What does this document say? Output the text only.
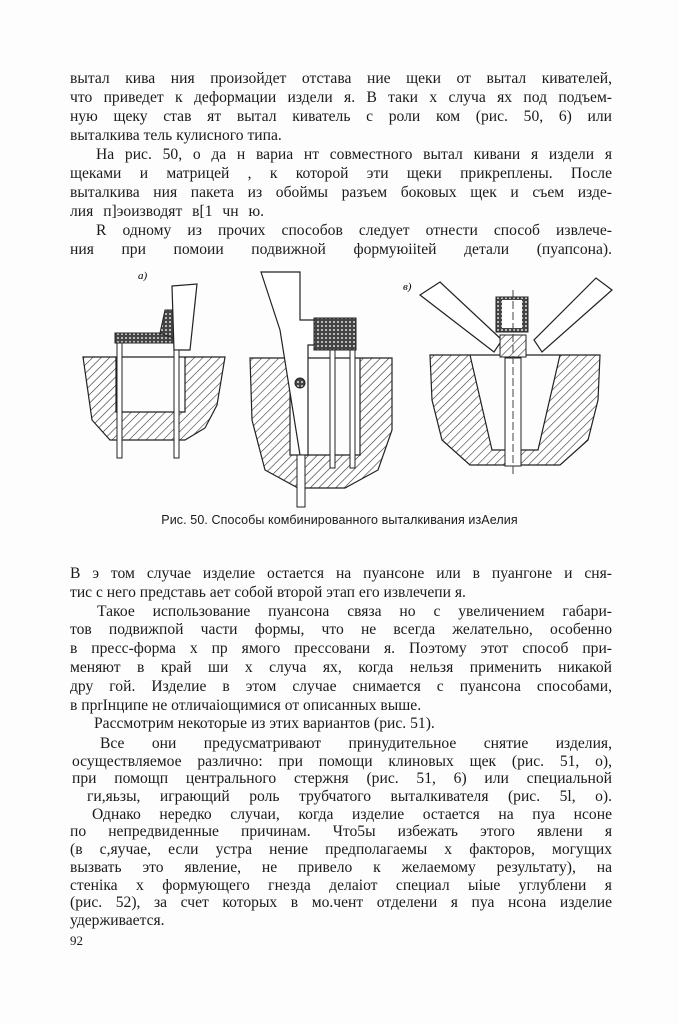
вытал кива ния произойдет отстава ние щеки от вытал кивателей,
что приведет к деформации издели я. В таки х случа ях под подъем-
ную щеку став ят вытал киватель с роли ком (рис. 50, 6) или
выталкива тель кулисного типа.
На рис. 50, о да н вариа нт совместного вытал кивани я издели я
щеками и матрицей , к которой эти щеки прикреплены. После
выталкива ния пакета из обоймы разъем боковых щек и съем изде-
лия п]эоизводят в[1 чн ю.
R одному из прочих способов следует отнести способ извлече-
ния при помоии подвижной формуюiitей детали (пуапсона).
а)
в)
Рис. 50. Способы комбинированного выталкивания изАелия
В э том случае изделие остается на пуансоне или в пуангоне и сня-
тис с него представь ает собой второй этап его извлечепи я.
Такое использование пуансона связа но с увеличением габари-
тов подвижпой части формы, что не всегда желательно, особенно
в пресс-форма х пр ямого прессовани я. Поэтому этот способ при-
меняют в край ши х случа ях, когда нельзя применить никакой
дру гой. Изделие в этом случае снимается с пуансона способами,
в прrIнципе не отличаiощимися от описанных выше.
Рассмотрим некоторые из этих вариантов (рис. 51).
Все они предусматривают принудительное снятие изделия,
осуществляемое различно: при помощи клиновых щек (рис. 51, о),
при помощп центрального стержня (рис. 51, 6) или специальной
ги,яьзы, играющий роль трубчатого выталкивателя (рис. 5l, о).
Однако нередко случаи, когда изделие остается на пуа нсоне
по непредвиденные причинам. Что5ы избежать этого явлени я
(в с,яучае, если устра нение предполагаемы х факторов, могущих
вызвать это явление, не привело к желаемому результату), на
стенiка х формующего гнезда делаiот специал ыiые углублени я
(рис. 52), за счет которых в мо.чент отделени я пуа нсона изделие
удерживается.
92
